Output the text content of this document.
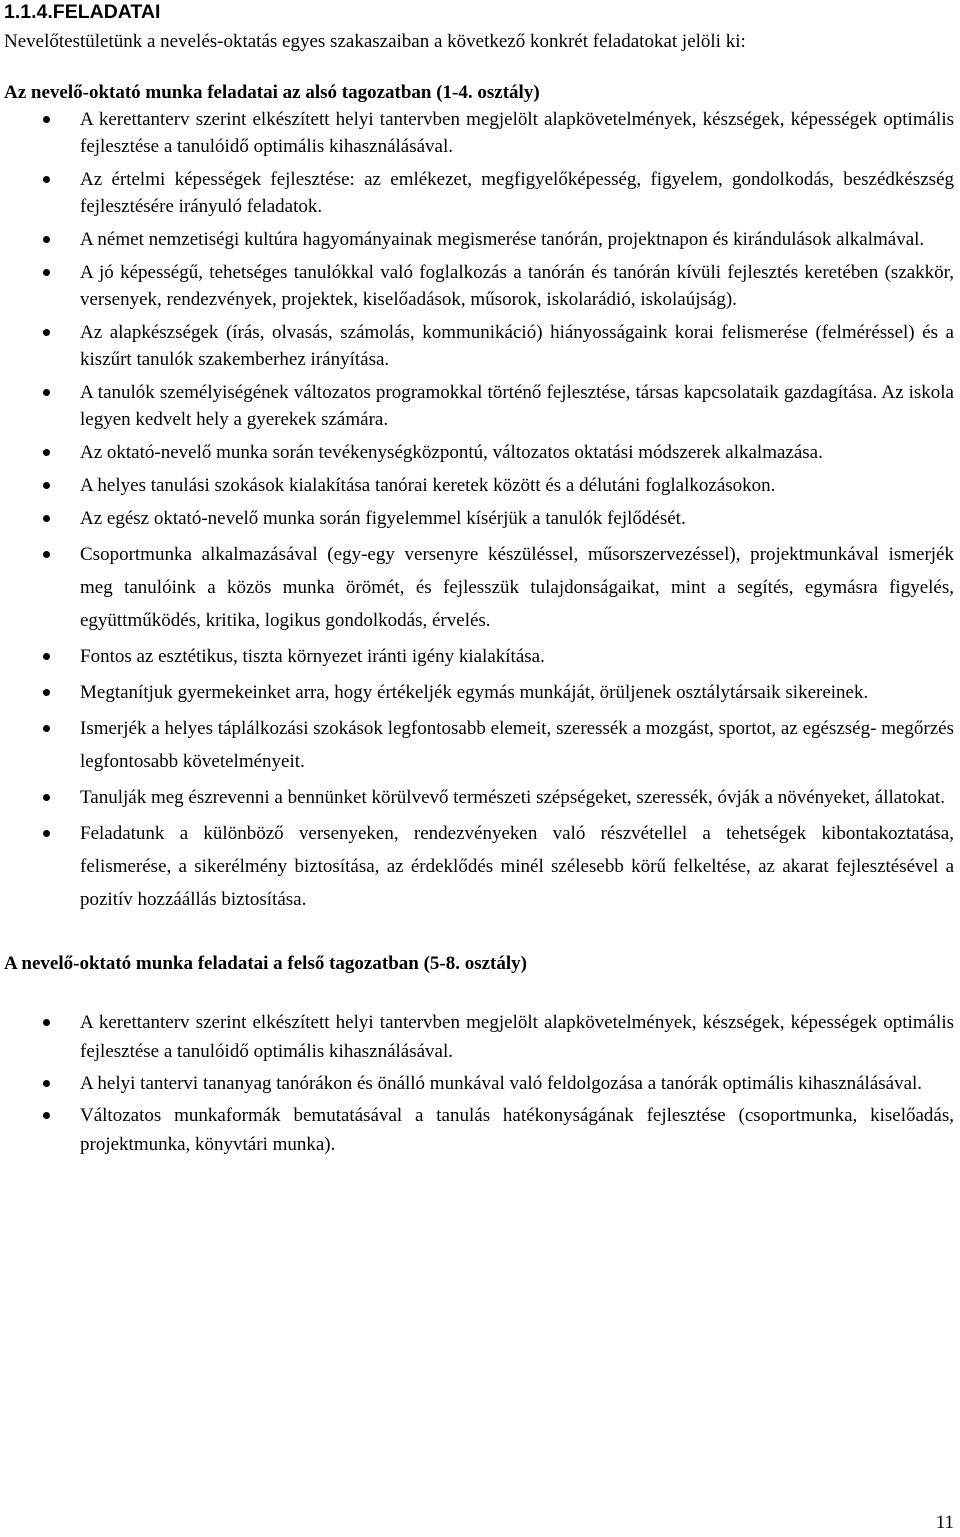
1.1.4.FELADATAI

Nevelőtestületünk a nevelés-oktatás egyes szakaszaiban a következő konkrét feladatokat jelöli ki:

Az nevelő-oktató munka feladatai az alsó tagozatban (1-4. osztály)

A kerettanterv szerint elkészített helyi tantervben megjelölt alapkövetelmények, készségek, képességek optimális fejlesztése a tanulóidő optimális kihasználásával.
Az értelmi képességek fejlesztése: az emlékezet, megfigyelőképesség, figyelem, gondolkodás, beszédkészség fejlesztésére irányuló feladatok.
A német nemzetiségi kultúra hagyományainak megismerése tanórán, projektnapon és kirándulások alkalmával.
A jó képességű, tehetséges tanulókkal való foglalkozás a tanórán és tanórán kívüli fejlesztés keretében (szakkör, versenyek, rendezvények, projektek, kiselőadások, műsorok, iskolarádió, iskolaújság).
Az alapkészségek (írás, olvasás, számolás, kommunikáció) hiányosságaink korai felismerése (felméréssel) és a kiszűrt tanulók szakemberhez irányítása.
A tanulók személyiségének változatos programokkal történő fejlesztése, társas kapcsolataik gazdagítása. Az iskola legyen kedvelt hely a gyerekek számára.
Az oktató-nevelő munka során tevékenységközpontú, változatos oktatási módszerek alkalmazása.
A helyes tanulási szokások kialakítása tanórai keretek között és a délutáni foglalkozásokon.
Az egész oktató-nevelő munka során figyelemmel kísérjük a tanulók fejlődését.
Csoportmunka alkalmazásával (egy-egy versenyre készüléssel, műsorszervezéssel), projektmunkával ismerjék meg tanulóink a közös munka örömét, és fejlesszük tulajdonságaikat, mint a segítés, egymásra figyelés, együttműködés, kritika, logikus gondolkodás, érvelés.
Fontos az esztétikus, tiszta környezet iránti igény kialakítása.
Megtanítjuk gyermekeinket arra, hogy értékeljék egymás munkáját, örüljenek osztálytársaik sikereinek.
Ismerjék a helyes táplálkozási szokások legfontosabb elemeit, szeressék a mozgást, sportot, az egészség- megőrzés legfontosabb követelményeit.
Tanulják meg észrevenni a bennünket körülvevő természeti szépségeket, szeressék, óvják a növényeket, állatokat.
Feladatunk a különböző versenyeken, rendezvényeken való részvétellel a tehetségek kibontakoztatása, felismerése, a sikerélmény biztosítása, az érdeklődés minél szélesebb körű felkeltése, az akarat fejlesztésével a pozitív hozzáállás biztosítása.

A nevelő-oktató munka feladatai a felső tagozatban (5-8. osztály)

A kerettanterv szerint elkészített helyi tantervben megjelölt alapkövetelmények, készségek, képességek optimális fejlesztése a tanulóidő optimális kihasználásával.
A helyi tantervi tananyag tanórákon és önálló munkával való feldolgozása a tanórák optimális kihasználásával.
Változatos munkaformák bemutatásával a tanulás hatékonyságának fejlesztése (csoportmunka, kiselőadás, projektmunka, könyvtári munka).
11
